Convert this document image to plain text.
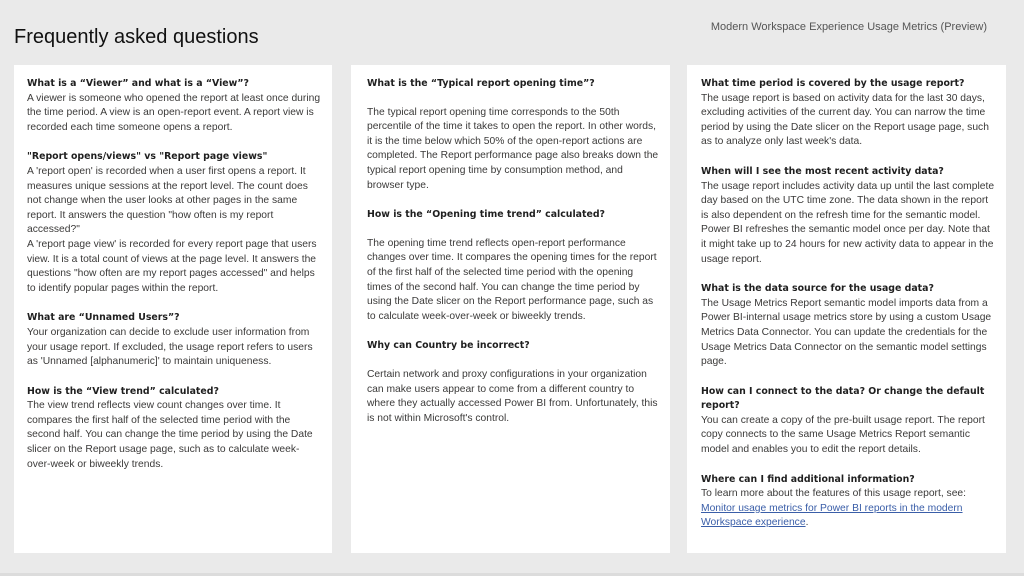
Frequently asked questions	Modern Workspace Experience Usage Metrics (Preview)
What is a “Viewer” and what is a “View”?

A viewer is someone who opened the report at least once during the time period. A view is an open-report event. A report view is recorded each time someone opens a report.

"Report opens/views" vs "Report page views"

A 'report open' is recorded when a user first opens a report. It measures unique sessions at the report level. The count does not change when the user looks at other pages in the same report. It answers the question "how often is my report accessed?"

A 'report page view' is recorded for every report page that users view. It is a total count of views at the page level. It answers the questions "how often are my report pages accessed" and helps to identify popular pages within the report.

What are “Unnamed Users”?

Your organization can decide to exclude user information from your usage report. If excluded, the usage report refers to users as 'Unnamed [alphanumeric]' to maintain uniqueness.

How is the “View trend” calculated?

The view trend reflects view count changes over time. It compares the first half of the selected time period with the second half. You can change the time period by using the Date slicer on the Report usage page, such as to calculate week-over-week or biweekly trends.

What is the “Typical report opening time”?

The typical report opening time corresponds to the 50th percentile of the time it takes to open the report. In other words, it is the time below which 50% of the open-report actions are completed. The Report performance page also breaks down the typical report opening time by consumption method, and browser type.

How is the “Opening time trend” calculated?

The opening time trend reflects open-report performance changes over time. It compares the opening times for the report of the first half of the selected time period with the opening times of the second half. You can change the time period by using the Date slicer on the Report performance page, such as to calculate week-over-week or biweekly trends.

Why can Country be incorrect?

Certain network and proxy configurations in your organization can make users appear to come from a different country to where they actually accessed Power BI from. Unfortunately, this is not within Microsoft's control.

What time period is covered by the usage report?

The usage report is based on activity data for the last 30 days, excluding activities of the current day. You can narrow the time period by using the Date slicer on the Report usage page, such as to analyze only last week's data.

When will I see the most recent activity data?

The usage report includes activity data up until the last complete day based on the UTC time zone. The data shown in the report is also dependent on the refresh time for the semantic model. Power BI refreshes the semantic model once per day. Note that it might take up to 24 hours for new activity data to appear in the usage report.

What is the data source for the usage data?

The Usage Metrics Report semantic model imports data from a Power BI-internal usage metrics store by using a custom Usage Metrics Data Connector. You can update the credentials for the Usage Metrics Data Connector on the semantic model settings page.

How can I connect to the data? Or change the default report?

You can create a copy of the pre-built usage report. The report copy connects to the same Usage Metrics Report semantic model and enables you to edit the report details.

Where can I find additional information?

To learn more about the features of this usage report, see:

Monitor usage metrics for Power BI reports in the modern Workspace experience.
